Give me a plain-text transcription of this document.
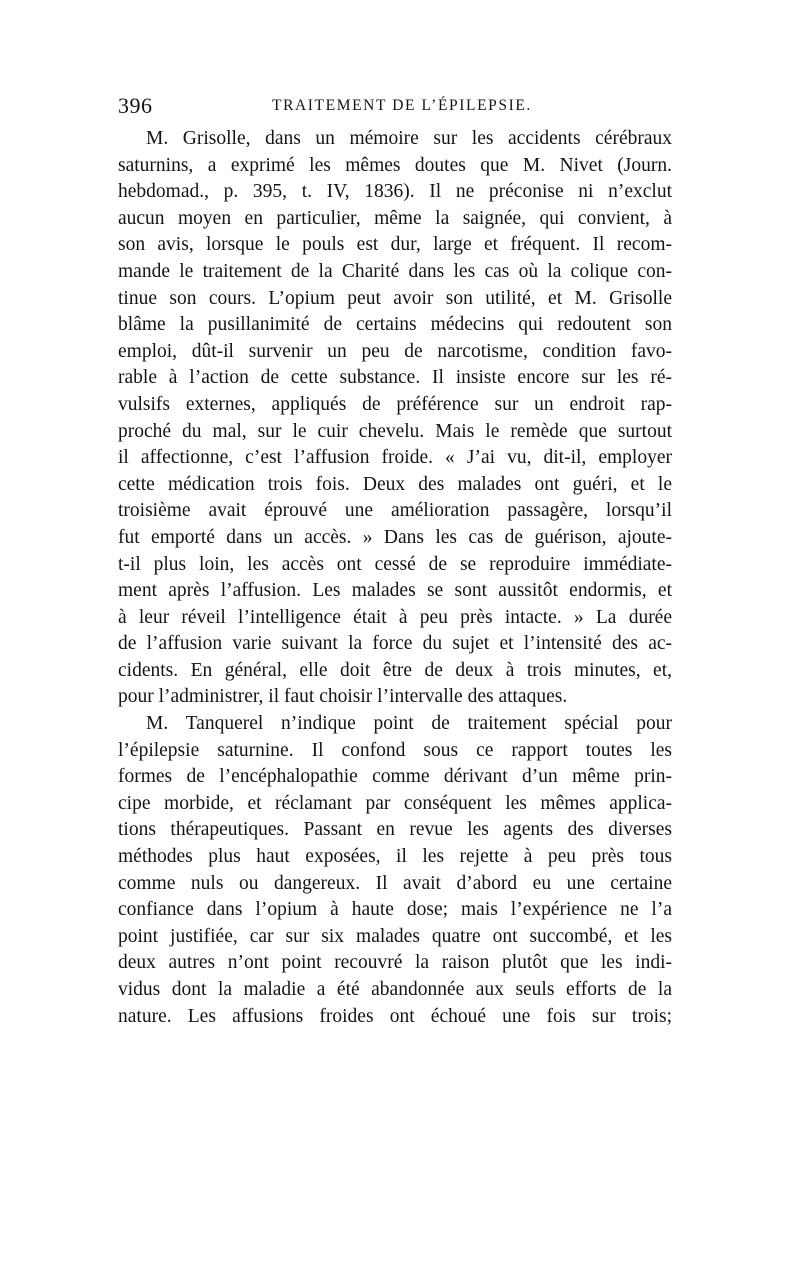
396	TRAITEMENT DE L’ÉPILEPSIE.
M. Grisolle, dans un mémoire sur les accidents cérébraux
saturnins, a exprimé les mêmes doutes que M. Nivet (Journ.
hebdomad., p. 395, t. IV, 1836). Il ne préconise ni n’exclut
aucun moyen en particulier, même la saignée, qui convient, à
son avis, lorsque le pouls est dur, large et fréquent. Il recom-
mande le traitement de la Charité dans les cas où la colique con-
tinue son cours. L’opium peut avoir son utilité, et M. Grisolle
blâme la pusillanimité de certains médecins qui redoutent son
emploi, dût-il survenir un peu de narcotisme, condition favo-
rable à l’action de cette substance. Il insiste encore sur les ré-
vulsifs externes, appliqués de préférence sur un endroit rap-
proché du mal, sur le cuir chevelu. Mais le remède que surtout
il affectionne, c’est l’affusion froide. « J’ai vu, dit-il, employer
cette médication trois fois. Deux des malades ont guéri, et le
troisième avait éprouvé une amélioration passagère, lorsqu’il
fut emporté dans un accès. » Dans les cas de guérison, ajoute-
t-il plus loin, les accès ont cessé de se reproduire immédiate-
ment après l’affusion. Les malades se sont aussitôt endormis, et
à leur réveil l’intelligence était à peu près intacte. » La durée
de l’affusion varie suivant la force du sujet et l’intensité des ac-
cidents. En général, elle doit être de deux à trois minutes, et,
pour l’administrer, il faut choisir l’intervalle des attaques.
M. Tanquerel n’indique point de traitement spécial pour
l’épilepsie saturnine. Il confond sous ce rapport toutes les
formes de l’encéphalopathie comme dérivant d’un même prin-
cipe morbide, et réclamant par conséquent les mêmes applica-
tions thérapeutiques. Passant en revue les agents des diverses
méthodes plus haut exposées, il les rejette à peu près tous
comme nuls ou dangereux. Il avait d’abord eu une certaine
confiance dans l’opium à haute dose; mais l’expérience ne l’a
point justifiée, car sur six malades quatre ont succombé, et les
deux autres n’ont point recouvré la raison plutôt que les indi-
vidus dont la maladie a été abandonnée aux seuls efforts de la
nature. Les affusions froides ont échoué une fois sur trois;
